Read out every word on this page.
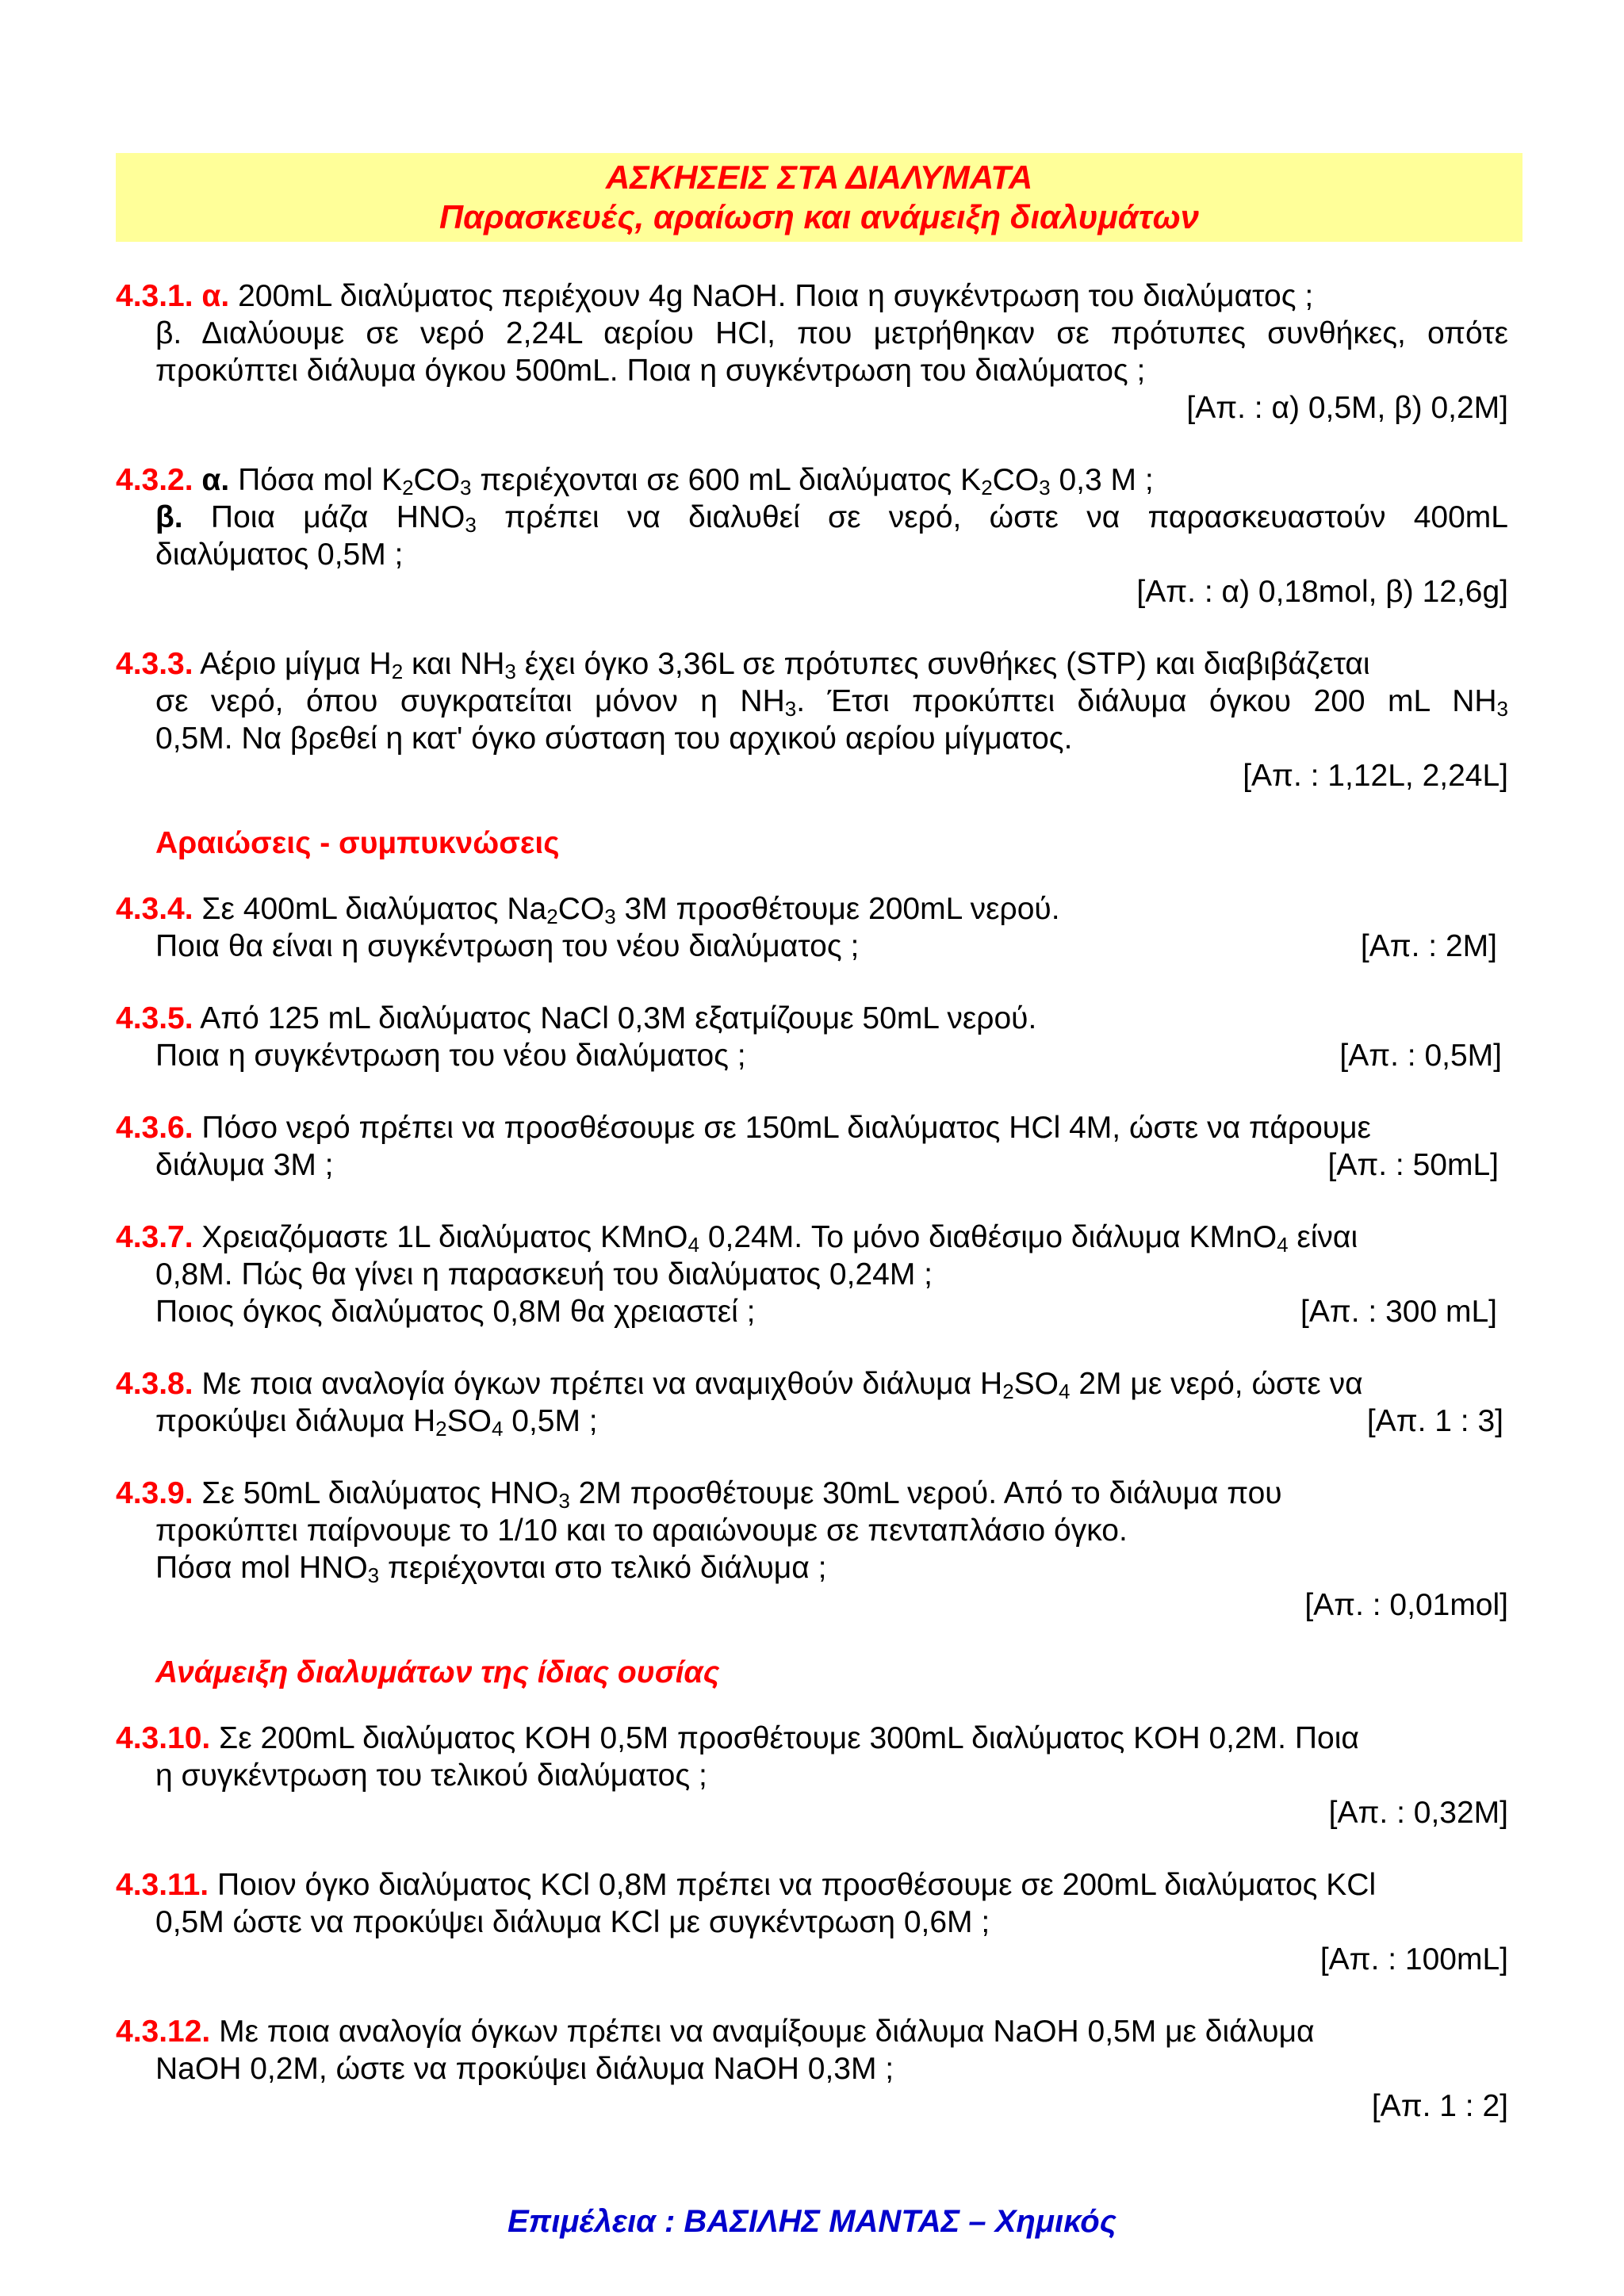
ΑΣΚΗΣΕΙΣ ΣΤΑ ΔΙΑΛΥΜΑΤΑ
Παρασκευές, αραίωση και ανάμειξη διαλυμάτων
4.3.1. α. 200mL διαλύματος περιέχουν 4g NaOH. Ποια η συγκέντρωση του διαλύματος ;
β. Διαλύουμε σε νερό 2,24L αερίου HCl, που μετρήθηκαν σε πρότυπες συνθήκες, οπότε
προκύπτει διάλυμα όγκου 500mL. Ποια η συγκέντρωση του διαλύματος ;
[Απ. : α) 0,5Μ, β) 0,2Μ]
4.3.2. α. Πόσα mol $K_2CO_3$ περιέχονται σε 600 mL διαλύματος $K_2CO_3$ 0,3 M ;
β. Ποια μάζα $HNO_3$ πρέπει να διαλυθεί σε νερό, ώστε να παρασκευαστούν 400mL
διαλύματος 0,5Μ ;
[Απ. : α) 0,18mol, β) 12,6g]
4.3.3. Αέριο μίγμα $H_2$ και $NH_3$ έχει όγκο 3,36L σε πρότυπες συνθήκες (STP) και διαβιβάζεται
σε νερό, όπου συγκρατείται μόνον η $NH_3$. Έτσι προκύπτει διάλυμα όγκου 200 mL $NH_3$
0,5M. Να βρεθεί η κατ' όγκο σύσταση του αρχικού αερίου μίγματος.
[Απ. : 1,12L, 2,24L]
Αραιώσεις - συμπυκνώσεις
4.3.4. Σε 400mL διαλύματος $Na_2CO_3$ 3M προσθέτουμε 200mL νερού.
Ποια θα είναι η συγκέντρωση του νέου διαλύματος ;	[Απ. : 2M]
4.3.5. Από 125 mL διαλύματος NaCl 0,3M εξατμίζουμε 50mL νερού.
Ποια η συγκέντρωση του νέου διαλύματος ;	[Απ. : 0,5M]
4.3.6. Πόσο νερό πρέπει να προσθέσουμε σε 150mL διαλύματος HCl 4M, ώστε να πάρουμε
διάλυμα 3M ;	[Απ. : 50mL]
4.3.7. Χρειαζόμαστε 1L διαλύματος KMnO$_4$ 0,24M. Το μόνο διαθέσιμο διάλυμα KMnO$_4$ είναι
0,8M. Πώς θα γίνει η παρασκευή του διαλύματος 0,24M ;
Ποιος όγκος διαλύματος 0,8Μ θα χρειαστεί ;	[Απ. : 300 mL]
4.3.8. Με ποια αναλογία όγκων πρέπει να αναμιχθούν διάλυμα $H_2SO_4$ 2M με νερό, ώστε να
προκύψει διάλυμα $H_2SO_4$ 0,5M ;	[Απ. 1 : 3]
4.3.9. Σε 50mL διαλύματος $HNO_3$ 2M προσθέτουμε 30mL νερού. Από το διάλυμα που
προκύπτει παίρνουμε το 1/10 και το αραιώνουμε σε πενταπλάσιο όγκο.
Πόσα mol $HNO_3$ περιέχονται στο τελικό διάλυμα ;
[Απ. : 0,01mol]
Ανάμειξη διαλυμάτων της ίδιας ουσίας
4.3.10. Σε 200mL διαλύματος KOH 0,5M προσθέτουμε 300mL διαλύματος KOH 0,2M. Ποια
η συγκέντρωση του τελικού διαλύματος ;
[Απ. : 0,32M]
4.3.11. Ποιον όγκο διαλύματος KCl 0,8M πρέπει να προσθέσουμε σε 200mL διαλύματος KCl
0,5M ώστε να προκύψει διάλυμα KCl με συγκέντρωση 0,6M ;
[Απ. : 100mL]
4.3.12. Με ποια αναλογία όγκων πρέπει να αναμίξουμε διάλυμα NaOH 0,5M με διάλυμα
NaOH 0,2M, ώστε να προκύψει διάλυμα NaOH 0,3M ;
[Απ. 1 : 2]
Επιμέλεια : ΒΑΣΙΛΗΣ ΜΑΝΤΑΣ – Χημικός
